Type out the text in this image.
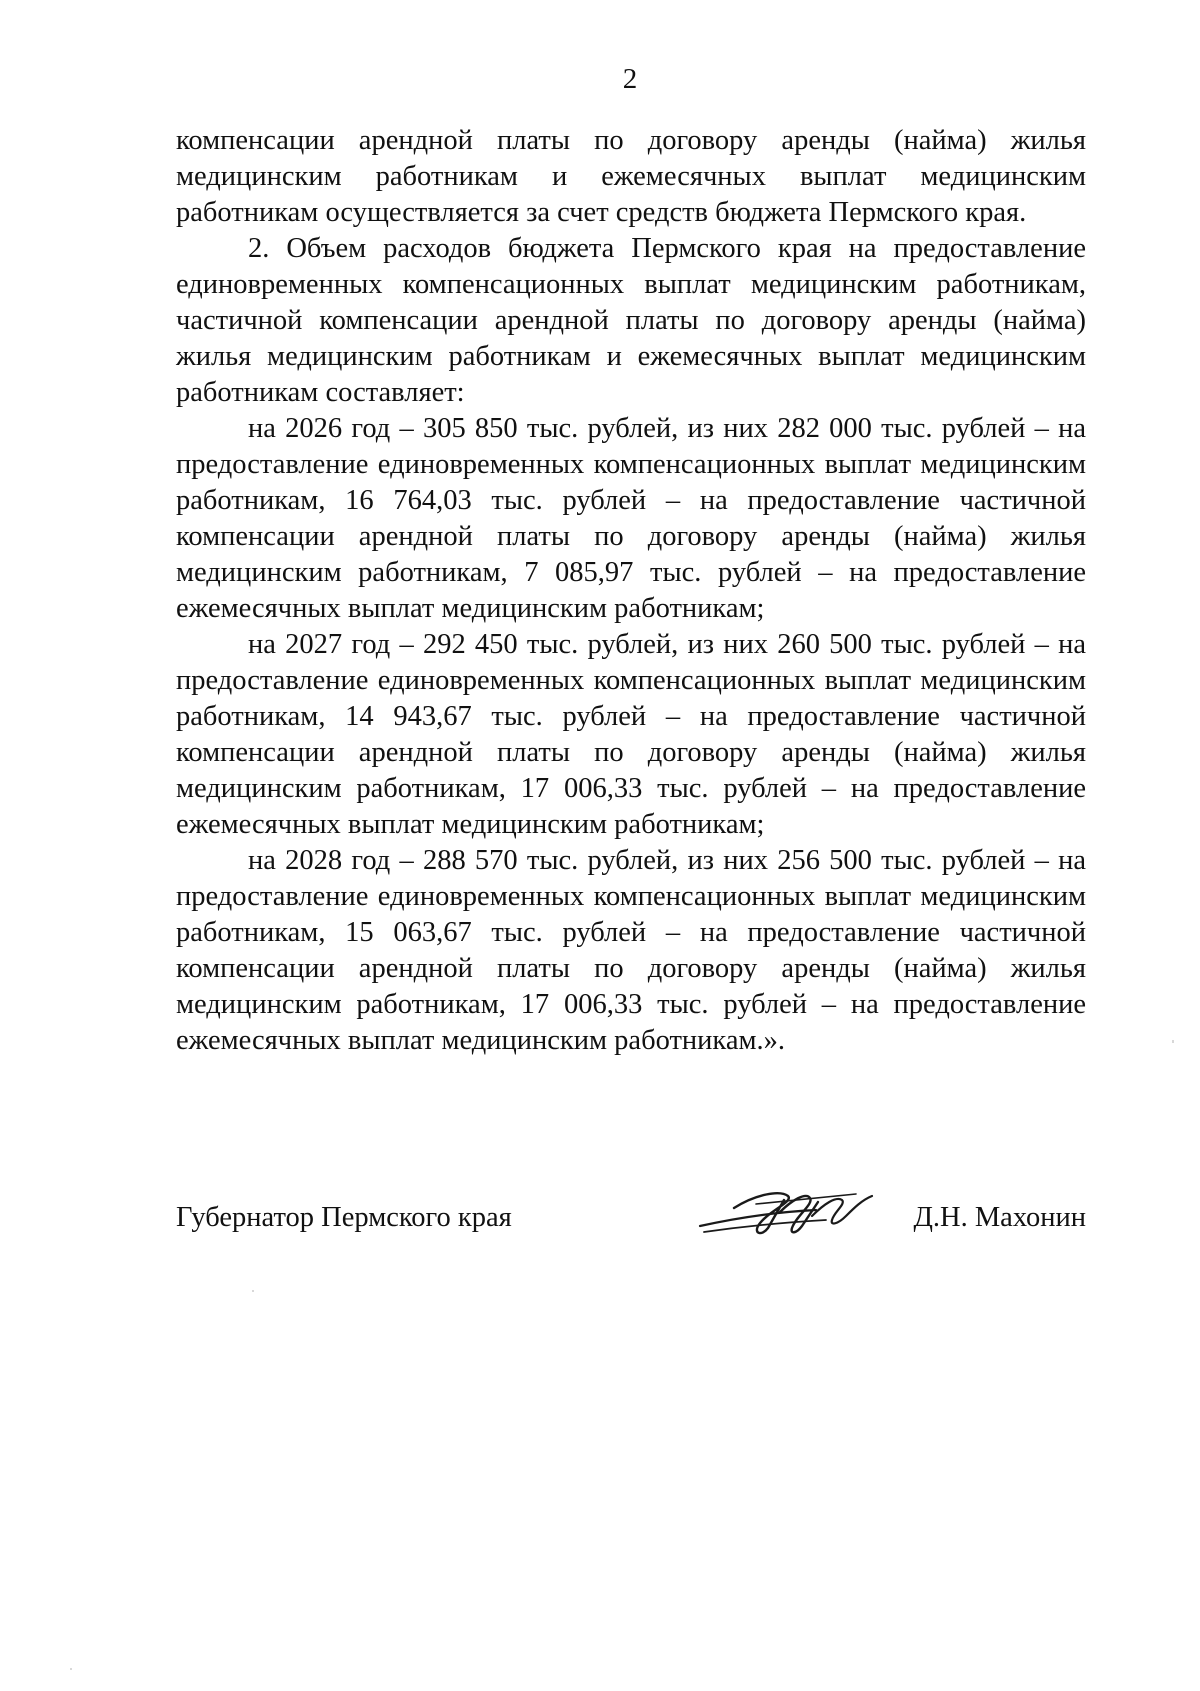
2

компенсации арендной платы по договору аренды (найма) жилья медицинским работникам и ежемесячных выплат медицинским работникам осуществляется за счет средств бюджета Пермского края.

2. Объем расходов бюджета Пермского края на предоставление единовременных компенсационных выплат медицинским работникам, частичной компенсации арендной платы по договору аренды (найма) жилья медицинским работникам и ежемесячных выплат медицинским работникам составляет:

на 2026 год – 305 850 тыс. рублей, из них 282 000 тыс. рублей – на предоставление единовременных компенсационных выплат медицинским работникам, 16 764,03 тыс. рублей – на предоставление частичной компенсации арендной платы по договору аренды (найма) жилья медицинским работникам, 7 085,97 тыс. рублей – на предоставление ежемесячных выплат медицинским работникам;

на 2027 год – 292 450 тыс. рублей, из них 260 500 тыс. рублей – на предоставление единовременных компенсационных выплат медицинским работникам, 14 943,67 тыс. рублей – на предоставление частичной компенсации арендной платы по договору аренды (найма) жилья медицинским работникам, 17 006,33 тыс. рублей – на предоставление ежемесячных выплат медицинским работникам;

на 2028 год – 288 570 тыс. рублей, из них 256 500 тыс. рублей – на предоставление единовременных компенсационных выплат медицинским работникам, 15 063,67 тыс. рублей – на предоставление частичной компенсации арендной платы по договору аренды (найма) жилья медицинским работникам, 17 006,33 тыс. рублей – на предоставление ежемесячных выплат медицинским работникам.».

Губернатор Пермского края	Д.Н. Махонин
